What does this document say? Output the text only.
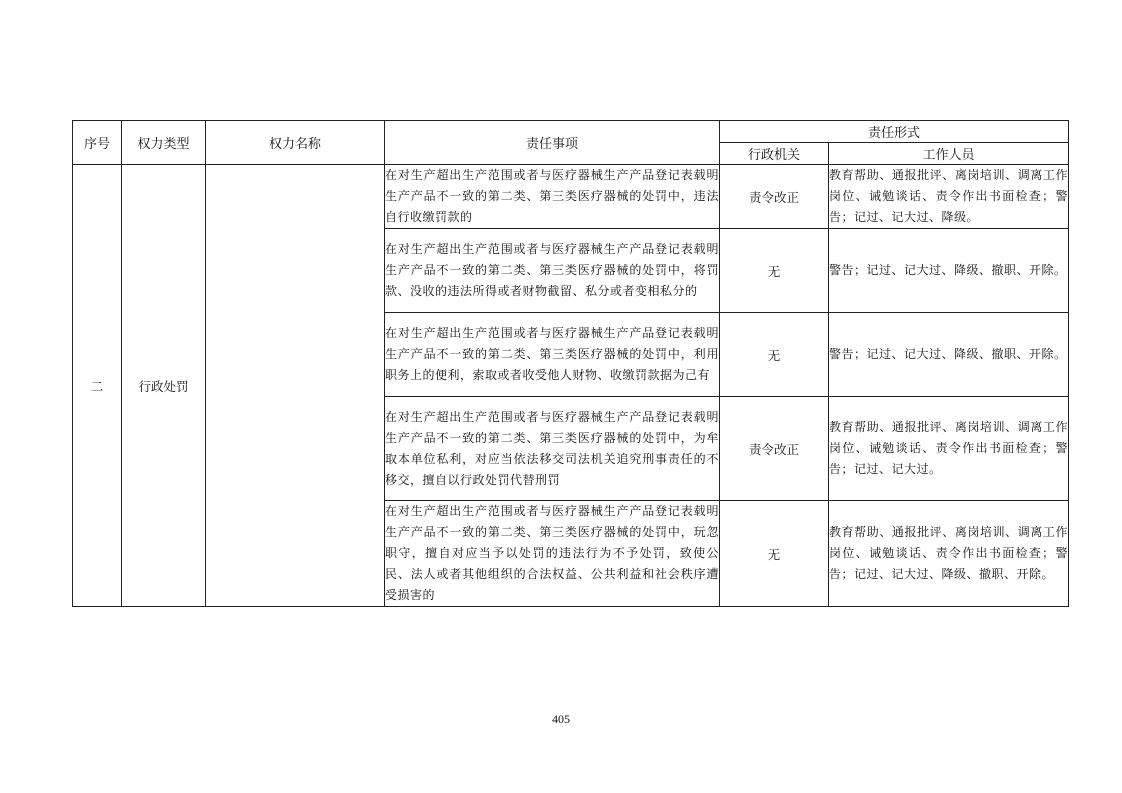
序号	权力类型	权力名称	责任事项	责任形式	
				行政机关	工作人员
二	行政处罚		在对生产超出生产范围或者与医疗器械生产产品登记表载明生产产品不一致的第二类、第三类医疗器械的处罚中，违法自行收缴罚款的	责令改正	教育帮助、通报批评、离岗培训、调离工作岗位、诫勉谈话、责令作出书面检查；警告；记过、记大过、降级。
			在对生产超出生产范围或者与医疗器械生产产品登记表载明生产产品不一致的第二类、第三类医疗器械的处罚中，将罚款、没收的违法所得或者财物截留、私分或者变相私分的	无	警告；记过、记大过、降级、撤职、开除。
			在对生产超出生产范围或者与医疗器械生产产品登记表载明生产产品不一致的第二类、第三类医疗器械的处罚中，利用职务上的便利，索取或者收受他人财物、收缴罚款据为己有	无	警告；记过、记大过、降级、撤职、开除。
			在对生产超出生产范围或者与医疗器械生产产品登记表载明生产产品不一致的第二类、第三类医疗器械的处罚中，为牟取本单位私利，对应当依法移交司法机关追究刑事责任的不移交，擅自以行政处罚代替刑罚	责令改正	教育帮助、通报批评、离岗培训、调离工作岗位、诫勉谈话、责令作出书面检查；警告；记过、记大过。
			在对生产超出生产范围或者与医疗器械生产产品登记表载明生产产品不一致的第二类、第三类医疗器械的处罚中，玩忽职守，擅自对应当予以处罚的违法行为不予处罚，致使公民、法人或者其他组织的合法权益、公共利益和社会秩序遭受损害的	无	教育帮助、通报批评、离岗培训、调离工作岗位、诫勉谈话、责令作出书面检查；警告；记过、记大过、降级、撤职、开除。
405
